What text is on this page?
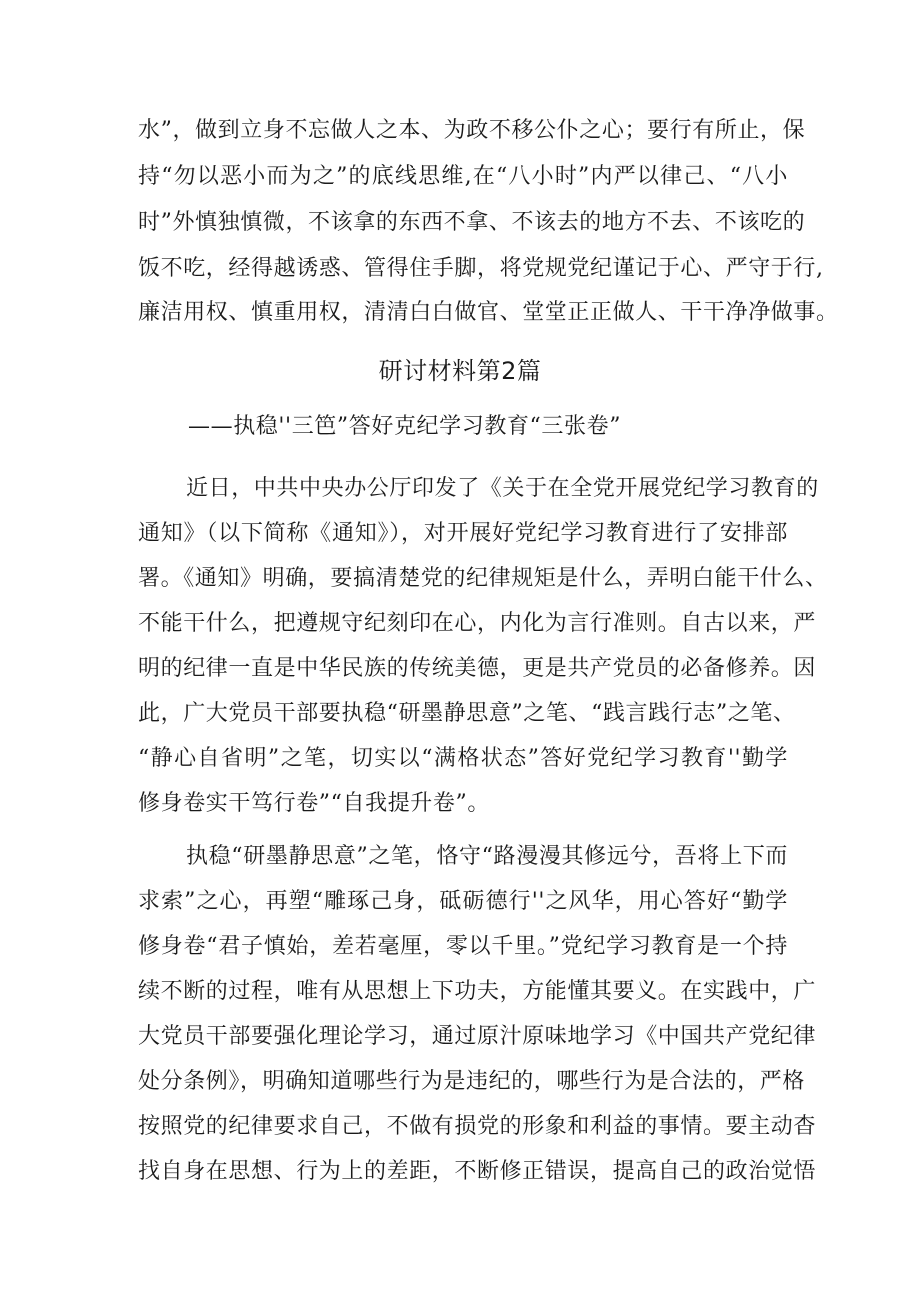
水”，做到立身不忘做人之本、为政不移公仆之心；要行有所止，保
持“勿以恶小而为之”的底线思维,在“八小时”内严以律己、“八小
时”外慎独慎微，不该拿的东西不拿、不该去的地方不去、不该吃的
饭不吃，经得越诱惑、管得住手脚，将党规党纪谨记于心、严守于行,
廉洁用权、慎重用权，清清白白做官、堂堂正正做人、干干净净做事。
研讨材料第2篇
——执稳''三笆”答好克纪学习教育“三张卷”
近日，中共中央办公厅印发了《关于在全党开展党纪学习教育的
通知》（以下简称《通知》），对开展好党纪学习教育进行了安排部
署。《通知》明确，要搞清楚党的纪律规矩是什么，弄明白能干什么、
不能干什么，把遵规守纪刻印在心，内化为言行准则。自古以来，严
明的纪律一直是中华民族的传统美德，更是共产党员的必备修养。因
此，广大党员干部要执稳“研墨静思意”之笔、“践言践行志”之笔、
“静心自省明”之笔，切实以“满格状态”答好党纪学习教育''勤学
修身卷实干笃行卷”“自我提升卷”。
执稳“研墨静思意”之笔，恪守“路漫漫其修远兮，吾将上下而
求索”之心，再塑“雕琢己身，砥砺德行''之风华，用心答好“勤学
修身卷“君子慎始，差若毫厘，零以千里。”党纪学习教育是一个持
续不断的过程，唯有从思想上下功夫，方能懂其要义。在实践中，广
大党员干部要强化理论学习，通过原汁原味地学习《中国共产党纪律
处分条例》，明确知道哪些行为是违纪的，哪些行为是合法的，严格
按照党的纪律要求自己，不做有损党的形象和利益的事情。要主动杳
找自身在思想、行为上的差距，不断修正错误，提高自己的政治觉悟
